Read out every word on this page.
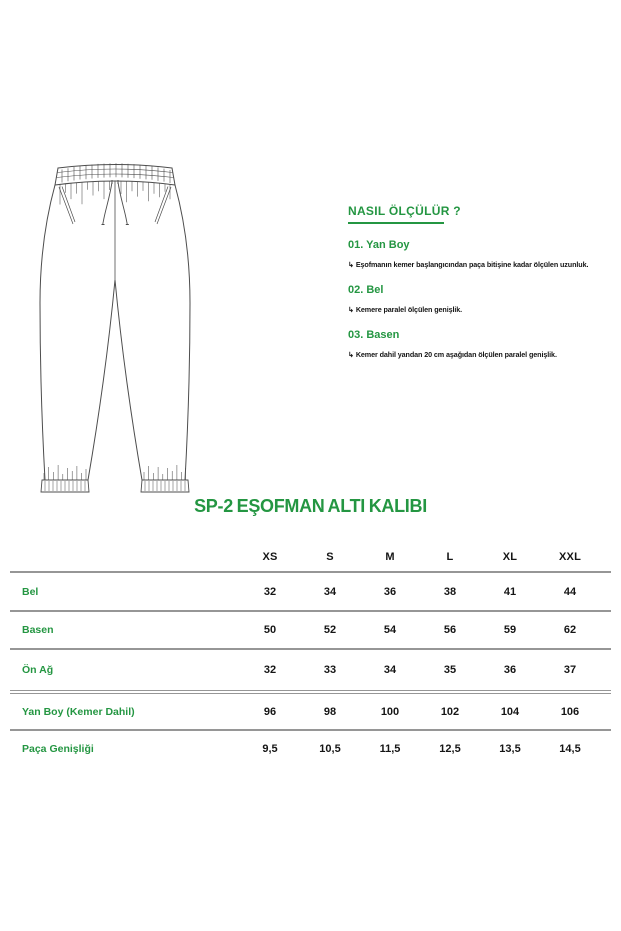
NASIL ÖLÇÜLÜR ?
01. Yan Boy
↳ Eşofmanın kemer başlangıcından paça bitişine kadar ölçülen uzunluk.
02. Bel
↳ Kemere paralel ölçülen genişlik.
03. Basen
↳ Kemer dahil yandan 20 cm aşağıdan ölçülen paralel genişlik.
SP-2 EŞOFMAN ALTI KALIBI
XS	S	M	L	XL	XXL
Bel	32	34	36	38	41	44
Basen	50	52	54	56	59	62
Ön Ağ	32	33	34	35	36	37
Yan Boy (Kemer Dahil)	96	98	100	102	104	106
Paça Genişliği	9,5	10,5	11,5	12,5	13,5	14,5
